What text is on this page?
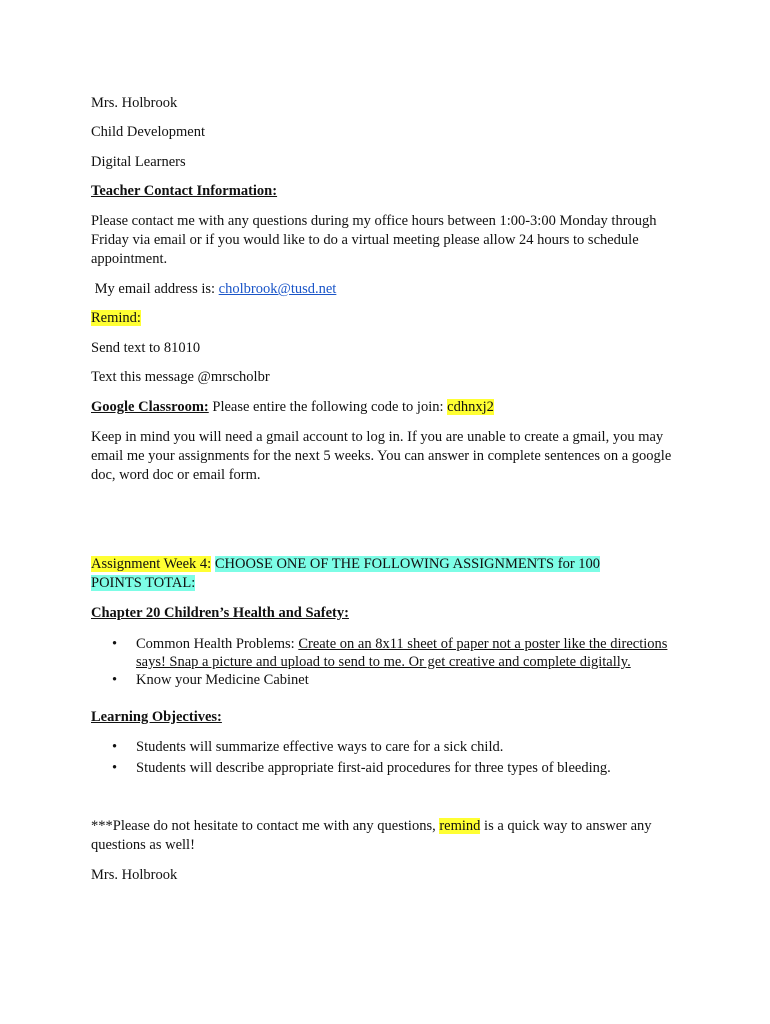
Mrs. Holbrook

Child Development

Digital Learners

Teacher Contact Information:

Please contact me with any questions during my office hours between 1:00-3:00 Monday through Friday via email or if you would like to do a virtual meeting please allow 24 hours to schedule appointment.

My email address is: cholbrook@tusd.net

Remind:

Send text to 81010

Text this message @mrscholbr

Google Classroom: Please entire the following code to join: cdhnxj2

Keep in mind you will need a gmail account to log in. If you are unable to create a gmail, you may email me your assignments for the next 5 weeks. You can answer in complete sentences on a google doc, word doc or email form.

Assignment Week 4: CHOOSE ONE OF THE FOLLOWING ASSIGNMENTS for 100 POINTS TOTAL:

Chapter 20 Children’s Health and Safety:

• Common Health Problems: Create on an 8x11 sheet of paper not a poster like the directions says! Snap a picture and upload to send to me. Or get creative and complete digitally.
• Know your Medicine Cabinet

Learning Objectives:

• Students will summarize effective ways to care for a sick child.
• Students will describe appropriate first-aid procedures for three types of bleeding.

***Please do not hesitate to contact me with any questions, remind is a quick way to answer any questions as well!

Mrs. Holbrook
